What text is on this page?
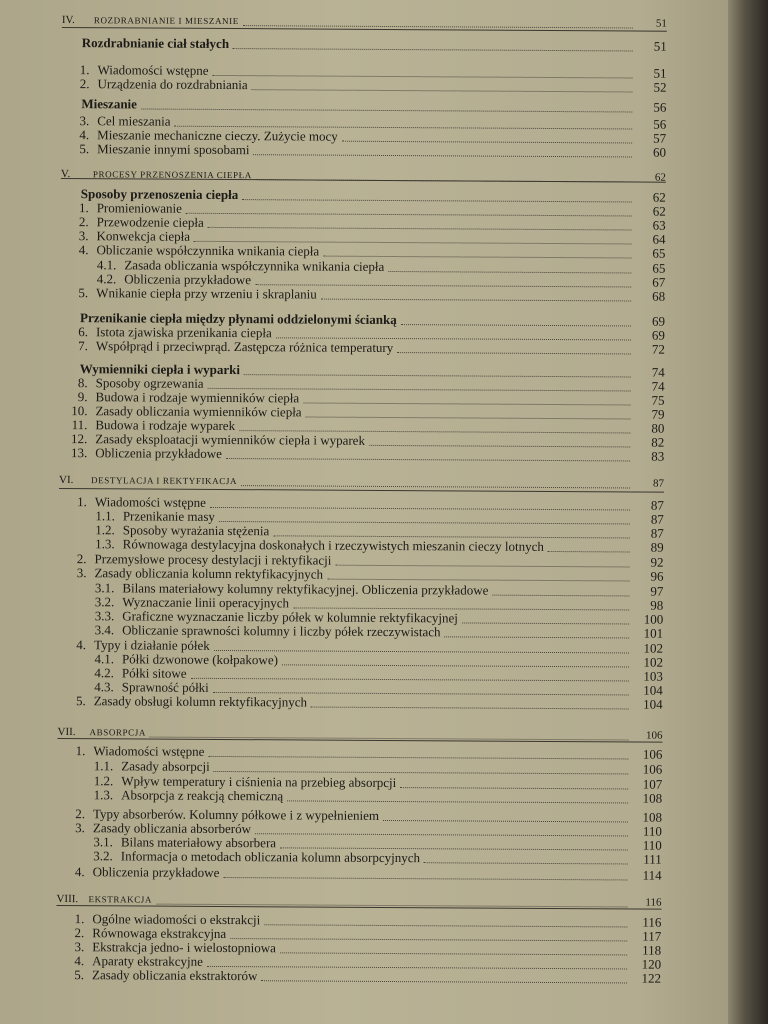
IV.	ROZDRABNIANIE I MIESZANIE	51
Rozdrabnianie ciał stałych	51
1. Wiadomości wstępne	51
2. Urządzenia do rozdrabniania	52
Mieszanie	56
3. Cel mieszania	56
4. Mieszanie mechaniczne cieczy. Zużycie mocy	57
5. Mieszanie innymi sposobami	60
V.	PROCESY PRZENOSZENIA CIEPŁA	62
Sposoby przenoszenia ciepła	62
1. Promieniowanie	62
2. Przewodzenie ciepła	63
3. Konwekcja ciepła	64
4. Obliczanie współczynnika wnikania ciepła	65
4.1. Zasada obliczania współczynnika wnikania ciepła	65
4.2. Obliczenia przykładowe	67
5. Wnikanie ciepła przy wrzeniu i skraplaniu	68
Przenikanie ciepła między płynami oddzielonymi ścianką	69
6. Istota zjawiska przenikania ciepła	69
7. Współprąd i przeciwprąd. Zastępcza różnica temperatury	72
Wymienniki ciepła i wyparki	74
8. Sposoby ogrzewania	74
9. Budowa i rodzaje wymienników ciepła	75
10. Zasady obliczania wymienników ciepła	79
11. Budowa i rodzaje wyparek	80
12. Zasady eksploatacji wymienników ciepła i wyparek	82
13. Obliczenia przykładowe	83
VI.	DESTYLACJA I REKTYFIKACJA	87
1. Wiadomości wstępne	87
1.1. Przenikanie masy	87
1.2. Sposoby wyrażania stężenia	87
1.3. Równowaga destylacyjna doskonałych i rzeczywistych mieszanin cieczy lotnych	89
2. Przemysłowe procesy destylacji i rektyfikacji	92
3. Zasady obliczania kolumn rektyfikacyjnych	96
3.1. Bilans materiałowy kolumny rektyfikacyjnej. Obliczenia przykładowe	97
3.2. Wyznaczanie linii operacyjnych	98
3.3. Graficzne wyznaczanie liczby półek w kolumnie rektyfikacyjnej	100
3.4. Obliczanie sprawności kolumny i liczby półek rzeczywistach	101
4. Typy i działanie półek	102
4.1. Półki dzwonowe (kołpakowe)	102
4.2. Półki sitowe	103
4.3. Sprawność półki	104
5. Zasady obsługi kolumn rektyfikacyjnych	104
VII.	ABSORPCJA	106
1. Wiadomości wstępne	106
1.1. Zasady absorpcji	106
1.2. Wpływ temperatury i ciśnienia na przebieg absorpcji	107
1.3. Absorpcja z reakcją chemiczną	108
2. Typy absorberów. Kolumny półkowe i z wypełnieniem	108
3. Zasady obliczania absorberów	110
3.1. Bilans materiałowy absorbera	110
3.2. Informacja o metodach obliczania kolumn absorpcyjnych	111
4. Obliczenia przykładowe	114
VIII.	EKSTRAKCJA	116
1. Ogólne wiadomości o ekstrakcji	116
2. Równowaga ekstrakcyjna	117
3. Ekstrakcja jedno- i wielostopniowa	118
4. Aparaty ekstrakcyjne	120
5. Zasady obliczania ekstraktorów	122
